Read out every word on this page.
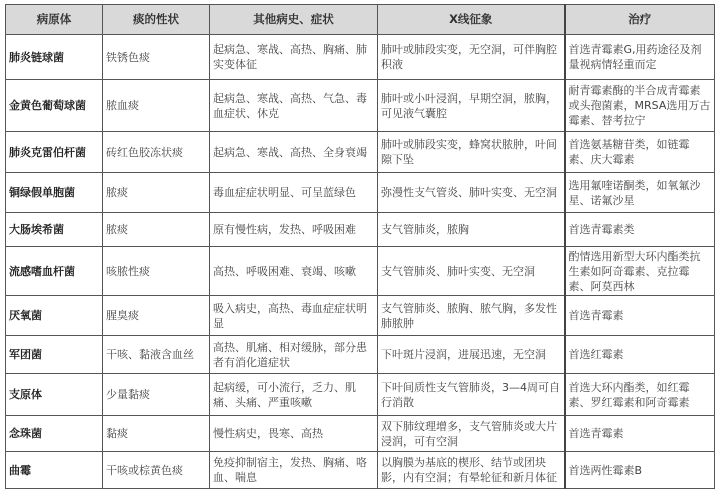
病原体	痰的性状	其他病史、症状	X线征象	治疗
肺炎链球菌	铁锈色痰	起病急、寒战、高热、胸痛、肺实变体征	肺叶或肺段实变，无空洞，可伴胸腔积液	首选青霉素G,用药途径及剂量视病情轻重而定
金黄色葡萄球菌	脓血痰	起病急、寒战、高热、气急、毒血症状、休克	肺叶或小叶浸润，早期空洞，脓胸，可见液气囊腔	耐青霉素酶的半合成青霉素或头孢菌素，MRSA选用万古霉素、替考拉宁
肺炎克雷伯杆菌	砖红色胶冻状痰	起病急、寒战、高热、全身衰竭	肺叶或肺段实变，蜂窝状脓肿，叶间隙下坠	首选氨基糖苷类，如链霉素、庆大霉素
铜绿假单胞菌	脓痰	毒血症症状明显、可呈蓝绿色	弥漫性支气管炎、肺叶实变、无空洞	选用氟喹诺酮类，如氧氟沙星、诺氟沙星
大肠埃希菌	脓痰	原有慢性病，发热、呼吸困难	支气管肺炎，脓胸	首选青霉素类
流感嗜血杆菌	咳脓性痰	高热、呼吸困难、衰竭、咳嗽	支气管肺炎、肺叶实变、无空洞	酌情选用新型大环内酯类抗生素如阿奇霉素、克拉霉素、阿莫西林
厌氧菌	腥臭痰	吸入病史，高热、毒血症症状明显	支气管肺炎、脓胸、脓气胸，多发性肺脓肿	首选青霉素
军团菌	干咳、黏液含血丝	高热、肌痛、相对缓脉，部分患者有消化道症状	下叶斑片浸润，进展迅速，无空洞	首选红霉素
支原体	少量黏痰	起病缓，可小流行，乏力、肌痛、头痛、严重咳嗽	下叶间质性支气管肺炎，3—4周可自行消散	首选大环内酯类，如红霉素、罗红霉素和阿奇霉素
念珠菌	黏痰	慢性病史，畏寒、高热	双下肺纹理增多，支气管肺炎或大片浸润，可有空洞	首选青霉素
曲霉	干咳或棕黄色痰	免疫抑制宿主，发热、胸痛、咯血、喘息	以胸膜为基底的楔形、结节或团块影，内有空洞；有晕轮征和新月体征	首选两性霉素B
